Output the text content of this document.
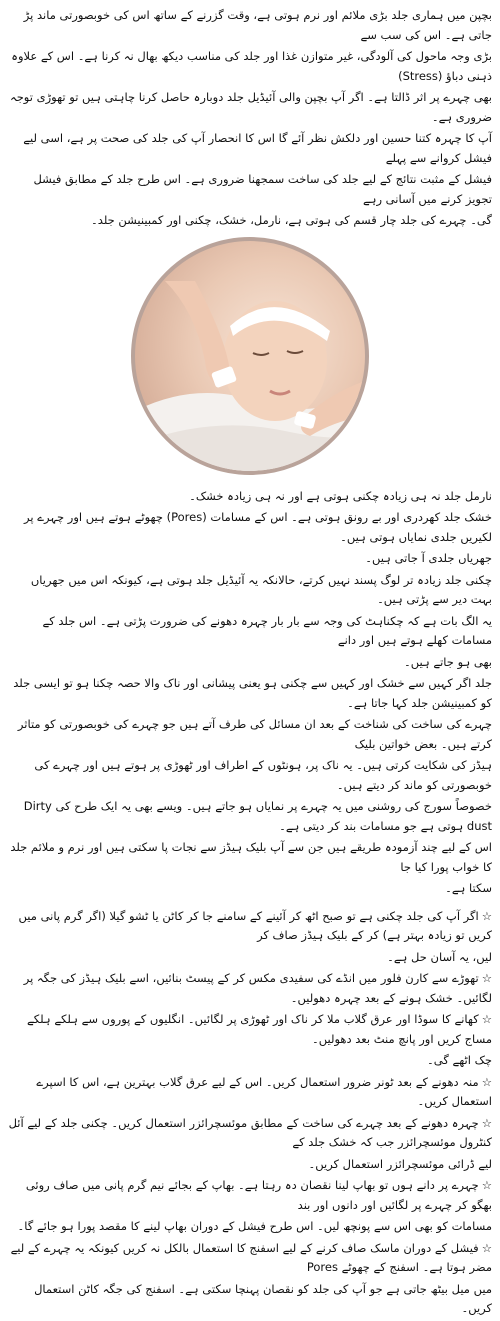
بچپن میں ہماری جلد بڑی ملائم اور نرم ہوتی ہے، وقت گزرنے کے ساتھ اس کی خوبصورتی ماند پڑ جاتی ہے۔ اس کی سب سے

بڑی وجہ ماحول کی آلودگی، غیر متوازن غذا اور جلد کی مناسب دیکھ بھال نہ کرنا ہے۔ اس کے علاوہ ذہنی دباؤ (Stress)

بھی چہرے پر اثر ڈالتا ہے۔ اگر آپ بچپن والی آئیڈیل جلد دوبارہ حاصل کرنا چاہتی ہیں تو تھوڑی توجہ ضروری ہے۔

آپ کا چہرہ کتنا حسین اور دلکش نظر آئے گا اس کا انحصار آپ کی جلد کی صحت پر ہے، اسی لیے فیشل کروانے سے پہلے

فیشل کے مثبت نتائج کے لیے جلد کی ساخت سمجھنا ضروری ہے۔ اس طرح جلد کے مطابق فیشل تجویز کرنے میں آسانی رہے

گی۔ چہرے کی جلد چار قسم کی ہوتی ہے، نارمل، خشک، چکنی اور کمبینیشن جلد۔

نارمل جلد نہ ہی زیادہ چکنی ہوتی ہے اور نہ ہی زیادہ خشک۔

خشک جلد کھردری اور بے رونق ہوتی ہے۔ اس کے مسامات (Pores) چھوٹے ہوتے ہیں اور چہرے پر لکیریں جلدی نمایاں ہوتی ہیں۔

جھریاں جلدی آ جاتی ہیں۔

چکنی جلد زیادہ تر لوگ پسند نہیں کرتے، حالانکہ یہ آئیڈیل جلد ہوتی ہے، کیونکہ اس میں جھریاں بہت دیر سے پڑتی ہیں۔

یہ الگ بات ہے کہ چکناہٹ کی وجہ سے بار بار چہرہ دھونے کی ضرورت پڑتی ہے۔ اس جلد کے مسامات کھلے ہوتے ہیں اور دانے

بھی ہو جاتے ہیں۔

جلد اگر کہیں سے خشک اور کہیں سے چکنی ہو یعنی پیشانی اور ناک والا حصہ چکنا ہو تو ایسی جلد کو کمبینیشن جلد کہا جاتا ہے۔

چہرے کی ساخت کی شناخت کے بعد ان مسائل کی طرف آتے ہیں جو چہرے کی خوبصورتی کو متاثر کرتے ہیں۔ بعض خواتین بلیک

ہیڈز کی شکایت کرتی ہیں۔ یہ ناک پر، ہونٹوں کے اطراف اور ٹھوڑی پر ہوتے ہیں اور چہرے کی خوبصورتی کو ماند کر دیتے ہیں۔

خصوصاً سورج کی روشنی میں یہ چہرے پر نمایاں ہو جاتے ہیں۔ ویسے بھی یہ ایک طرح کی Dirty dust ہوتی ہے جو مسامات بند کر دیتی ہے۔

اس کے لیے چند آزمودہ طریقے ہیں جن سے آپ بلیک ہیڈز سے نجات پا سکتی ہیں اور نرم و ملائم جلد کا خواب پورا کیا جا

سکتا ہے۔

☆ اگر آپ کی جلد چکنی ہے تو صبح اٹھ کر آئینے کے سامنے جا کر کاٹن یا ٹشو گیلا (اگر گرم پانی میں کریں تو زیادہ بہتر ہے) کر کے بلیک ہیڈز صاف کر

لیں، یہ آسان حل ہے۔

☆ تھوڑے سے کارن فلور میں انڈے کی سفیدی مکس کر کے پیسٹ بنائیں، اسے بلیک ہیڈز کی جگہ پر لگائیں۔ خشک ہونے کے بعد چہرہ دھولیں۔

☆ کھانے کا سوڈا اور عرق گلاب ملا کر ناک اور ٹھوڑی پر لگائیں۔ انگلیوں کے پوروں سے ہلکے ہلکے مساج کریں اور پانچ منٹ بعد دھولیں۔

چک اٹھے گی۔

☆ منہ دھونے کے بعد ٹونر ضرور استعمال کریں۔ اس کے لیے عرق گلاب بہترین ہے، اس کا اسپرے استعمال کریں۔

☆ چہرہ دھونے کے بعد چہرے کی ساخت کے مطابق موئسچرائزر استعمال کریں۔ چکنی جلد کے لیے آئل کنٹرول موئسچرائزر جب کہ خشک جلد کے

لیے ڈرائی موئسچرائزر استعمال کریں۔

☆ چہرے پر دانے ہوں تو بھاپ لینا نقصان دہ رہتا ہے۔ بھاپ کے بجائے نیم گرم پانی میں صاف روئی بھگو کر چہرے پر لگائیں اور دانوں اور بند

مسامات کو بھی اس سے پونچھ لیں۔ اس طرح فیشل کے دوران بھاپ لینے کا مقصد پورا ہو جائے گا۔

☆ فیشل کے دوران ماسک صاف کرنے کے لیے اسفنج کا استعمال بالکل نہ کریں کیونکہ یہ چہرے کے لیے مضر ہوتا ہے۔ اسفنج کے چھوٹے Pores

میں میل بیٹھ جاتی ہے جو آپ کی جلد کو نقصان پہنچا سکتی ہے۔ اسفنج کی جگہ کاٹن استعمال کریں۔
